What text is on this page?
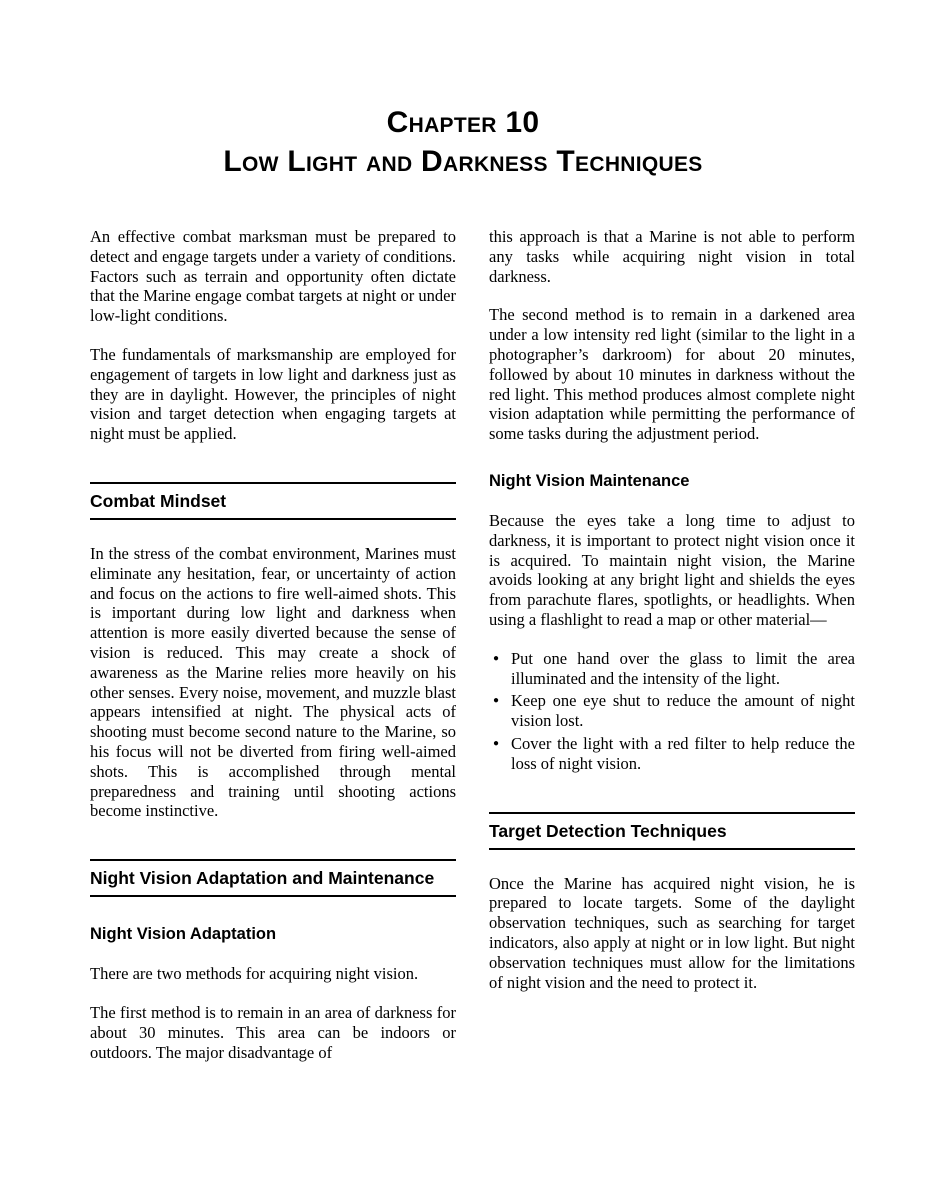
Chapter 10
Low Light and Darkness Techniques

An effective combat marksman must be prepared to detect and engage targets under a variety of conditions. Factors such as terrain and opportunity often dictate that the Marine engage combat targets at night or under low-light conditions.

The fundamentals of marksmanship are employed for engagement of targets in low light and darkness just as they are in daylight. However, the principles of night vision and target detection when engaging targets at night must be applied.

Combat Mindset

In the stress of the combat environment, Marines must eliminate any hesitation, fear, or uncertainty of action and focus on the actions to fire well-aimed shots. This is important during low light and darkness when attention is more easily diverted because the sense of vision is reduced. This may create a shock of awareness as the Marine relies more heavily on his other senses. Every noise, movement, and muzzle blast appears intensified at night. The physical acts of shooting must become second nature to the Marine, so his focus will not be diverted from firing well-aimed shots. This is accomplished through mental preparedness and training until shooting actions become instinctive.

Night Vision Adaptation and Maintenance
Night Vision Adaptation

There are two methods for acquiring night vision.

The first method is to remain in an area of darkness for about 30 minutes. This area can be indoors or outdoors. The major disadvantage of

this approach is that a Marine is not able to perform any tasks while acquiring night vision in total darkness.

The second method is to remain in a darkened area under a low intensity red light (similar to the light in a photographer’s darkroom) for about 20 minutes, followed by about 10 minutes in darkness without the red light. This method produces almost complete night vision adaptation while permitting the performance of some tasks during the adjustment period.

Night Vision Maintenance

Because the eyes take a long time to adjust to darkness, it is important to protect night vision once it is acquired. To maintain night vision, the Marine avoids looking at any bright light and shields the eyes from parachute flares, spotlights, or headlights. When using a flashlight to read a map or other material—

● Put one hand over the glass to limit the area illuminated and the intensity of the light.
● Keep one eye shut to reduce the amount of night vision lost.
● Cover the light with a red filter to help reduce the loss of night vision.
Target Detection Techniques

Once the Marine has acquired night vision, he is prepared to locate targets. Some of the daylight observation techniques, such as searching for target indicators, also apply at night or in low light. But night observation techniques must allow for the limitations of night vision and the need to protect it.
